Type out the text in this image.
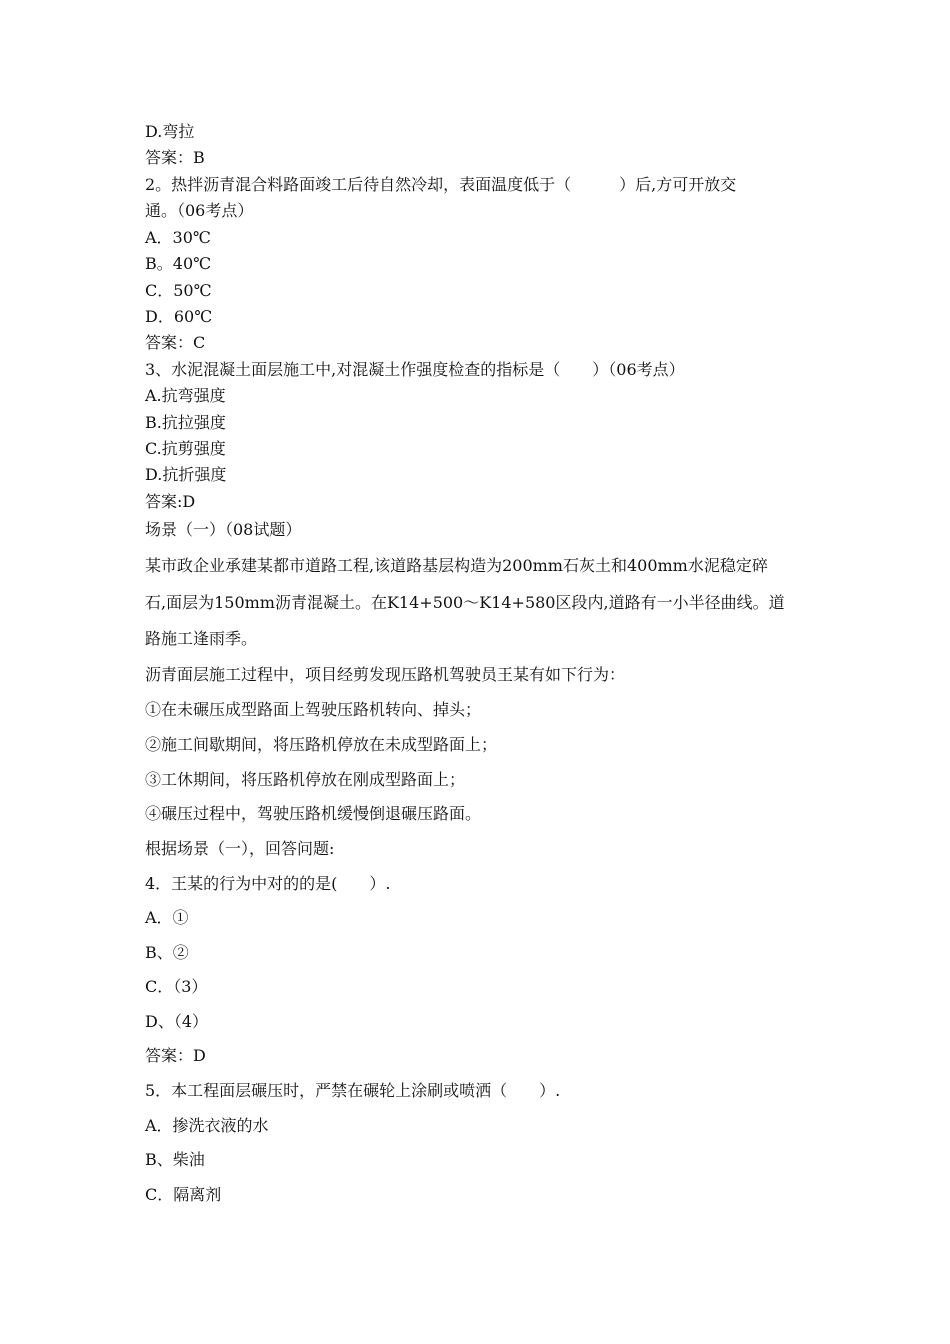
D.弯拉
答案：B
2。热拌沥青混合料路面竣工后待自然冷却，表面温度低于（　　　）后,方可开放交
通。（06考点）
A．30℃
B。40℃
C．50℃
D．60℃
答案：C
3、水泥混凝土面层施工中,对混凝土作强度检查的指标是（　　）（06考点）
A.抗弯强度
B.抗拉强度
C.抗剪强度
D.抗折强度
答案:D
场景（一）（08试题）
某市政企业承建某都市道路工程,该道路基层构造为200mm石灰土和400mm水泥稳定碎
石,面层为150mm沥青混凝土。在K14+500～K14+580区段内,道路有一小半径曲线。道
路施工逢雨季。
沥青面层施工过程中，项目经剪发现压路机驾驶员王某有如下行为：
①在未碾压成型路面上驾驶压路机转向、掉头；
②施工间歇期间，将压路机停放在未成型路面上；
③工休期间，将压路机停放在刚成型路面上；
④碾压过程中，驾驶压路机缓慢倒退碾压路面。
根据场景（一），回答问题:
4．王某的行为中对的的是(　　）.
A．①
B、②
C．（3）
D、（4）
答案：D
5．本工程面层碾压时，严禁在碾轮上涂刷或喷洒（　　）.
A．掺洗衣液的水
B、柴油
C．隔离剂
